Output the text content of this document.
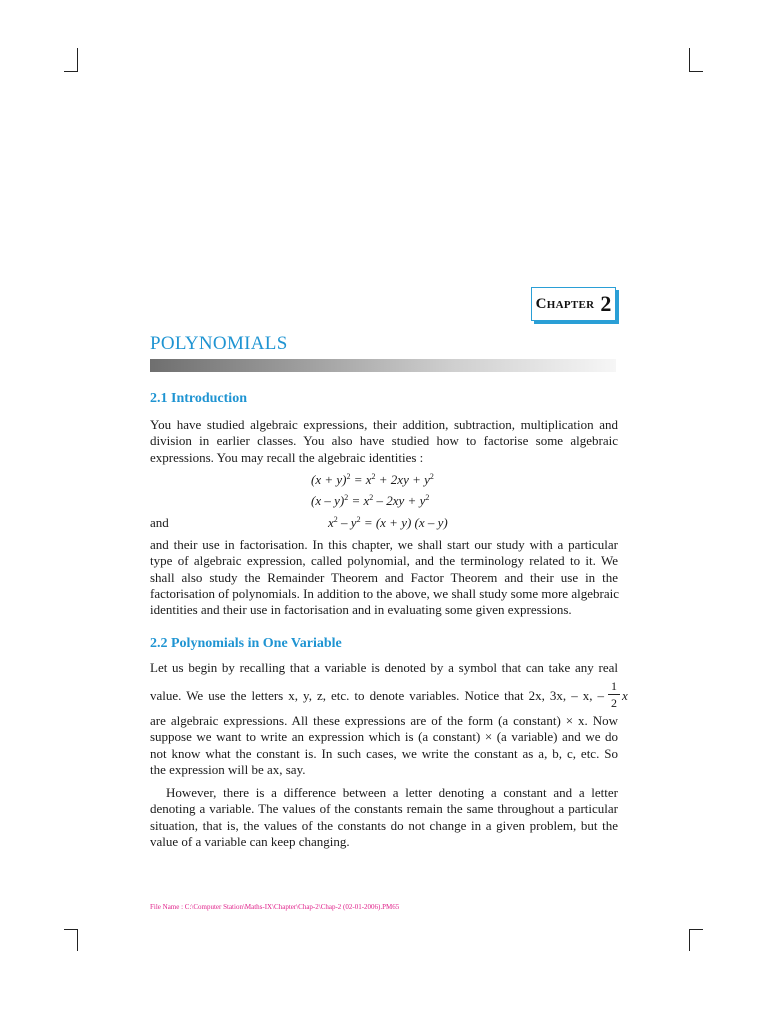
Chapter 2
POLYNOMIALS
2.1 Introduction
You have studied algebraic expressions, their addition, subtraction, multiplication and
division in earlier classes. You also have studied how to factorise some algebraic
expressions. You may recall the algebraic identities :
$(x + y)^2 = x^2 + 2xy + y^2$
$(x - y)^2 = x^2 - 2xy + y^2$
and	$x^2 - y^2 = (x + y)$ (x – y)
and their use in factorisation. In this chapter, we shall start our study with a particular
type of algebraic expression, called polynomial, and the terminology related to it. We
shall also study the Remainder Theorem and Factor Theorem and their use in the
factorisation of polynomials. In addition to the above, we shall study some more algebraic
identities and their use in factorisation and in evaluating some given expressions.
2.2 Polynomials in One Variable
Let us begin by recalling that a variable is denoted by a symbol that can take any real
value. We use the letters x, y, z, etc. to denote variables. Notice that 2x, 3x, – x, –
1
2 x
are algebraic expressions. All these expressions are of the form (a constant) × x. Now
suppose we want to write an expression which is (a constant) × (a variable) and we do
not know what the constant is. In such cases, we write the constant as a, b, c, etc. So
the expression will be ax, say.
However, there is a difference between a letter denoting a constant and a letter
denoting a variable. The values of the constants remain the same throughout a particular
situation, that is, the values of the constants do not change in a given problem, but the
value of a variable can keep changing.
File Name : C:\Computer Station\Maths-IX\Chapter\Chap-2\Chap-2 (02-01-2006).PM65
